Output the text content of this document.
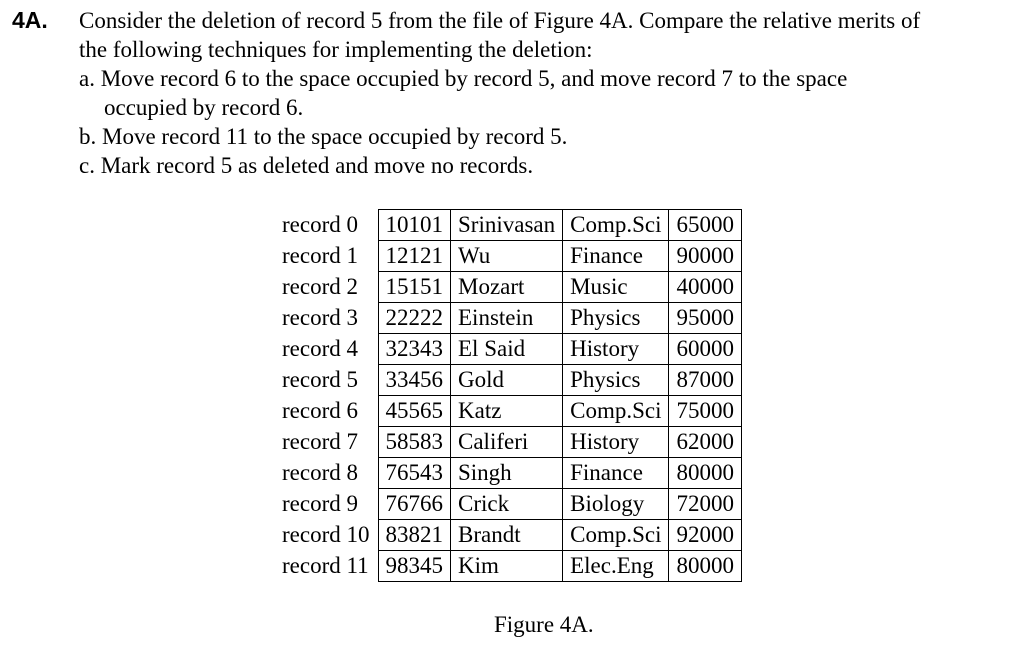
4A. Consider the deletion of record 5 from the file of Figure 4A. Compare the relative merits of
the following techniques for implementing the deletion:
a. Move record 6 to the space occupied by record 5, and move record 7 to the space
occupied by record 6.
b. Move record 11 to the space occupied by record 5.
c. Mark record 5 as deleted and move no records.
record 0	10101	Srinivasan	Comp.Sci	65000
record 1	12121	Wu	Finance	90000
record 2	15151	Mozart	Music	40000
record 3	22222	Einstein	Physics	95000
record 4	32343	El Said	History	60000
record 5	33456	Gold	Physics	87000
record 6	45565	Katz	Comp.Sci	75000
record 7	58583	Califeri	History	62000
record 8	76543	Singh	Finance	80000
record 9	76766	Crick	Biology	72000
record 10	83821	Brandt	Comp.Sci	92000
record 11	98345	Kim	Elec.Eng	80000
Figure 4A.
